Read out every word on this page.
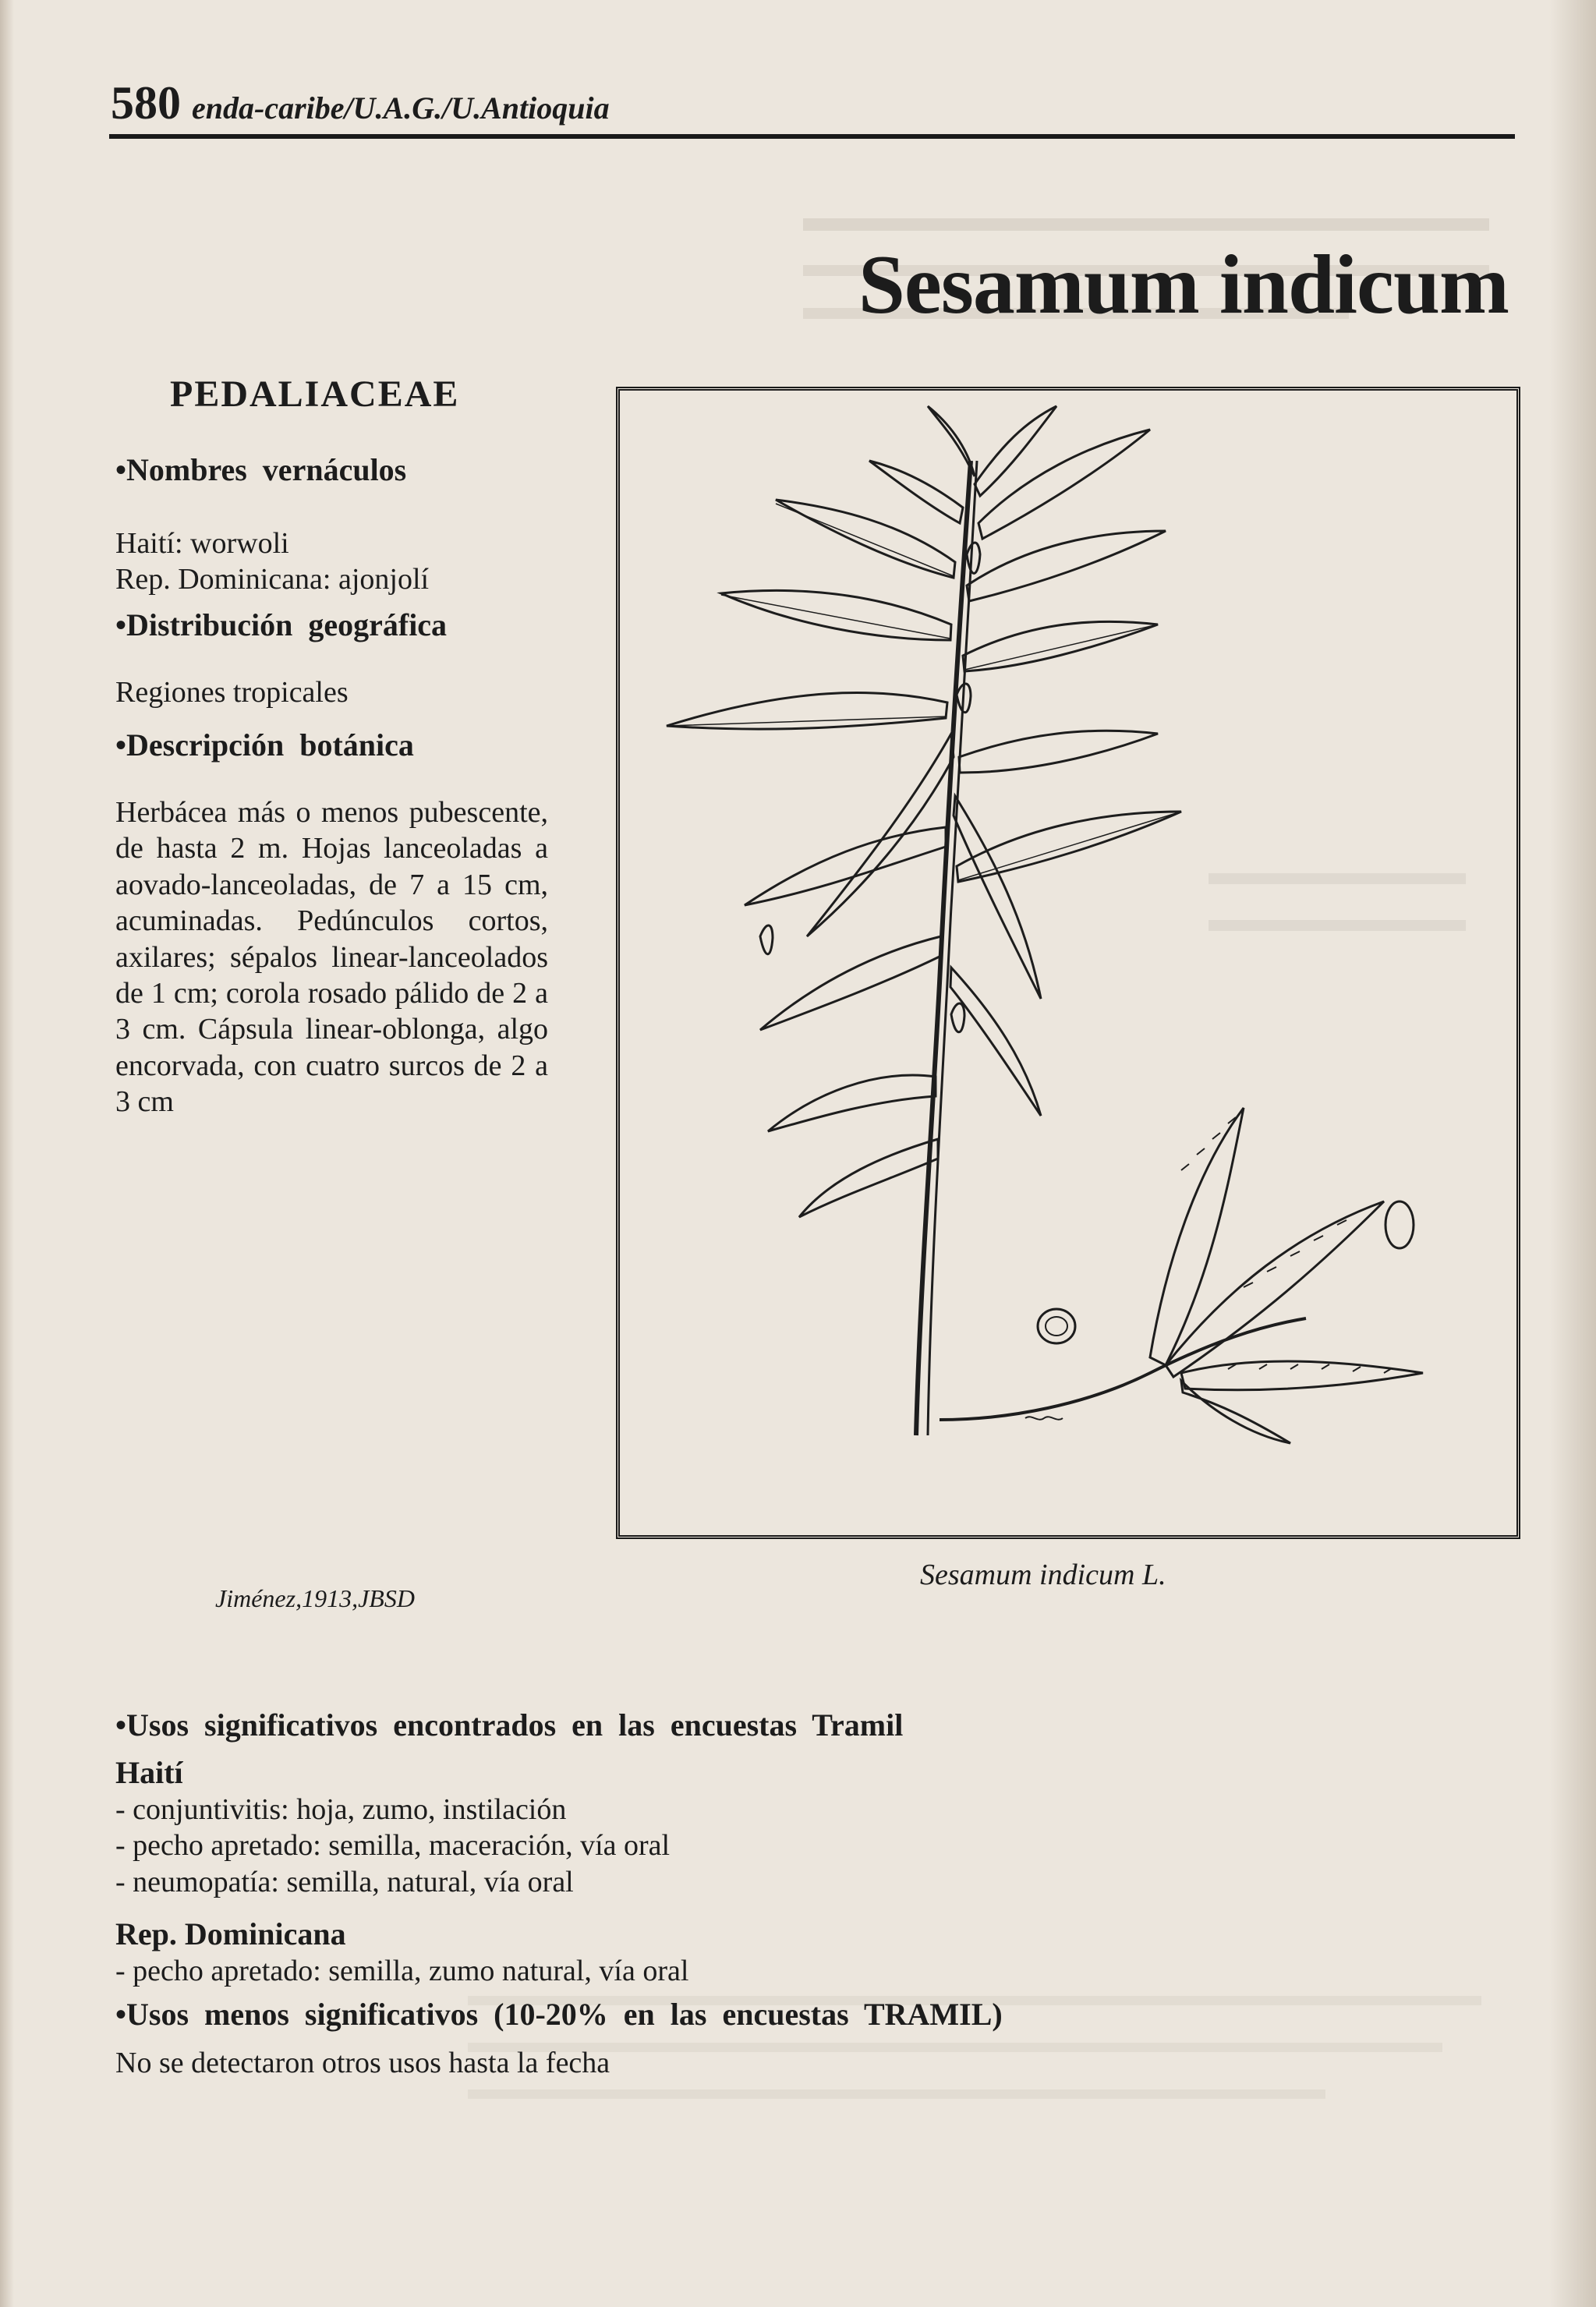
580 enda-caribe/U.A.G./U.Antioquia
Sesamum indicum
PEDALIACEAE

•Nombres vernáculos

Haití: worwoli

Rep. Dominicana: ajonjolí

•Distribución geográfica

Regiones tropicales

•Descripción botánica

Herbácea más o menos pubescente, de hasta 2 m. Hojas lanceoladas a aovado-lanceoladas, de 7 a 15 cm, acuminadas. Pedúnculos cortos, axilares; sépalos linear-lanceolados de 1 cm; corola rosado pálido de 2 a 3 cm. Cápsula linear-oblonga, algo encorvada, con cuatro surcos de 2 a 3 cm

Sesamum indicum L.
Jiménez,1913,JBSD

•Usos significativos encontrados en las encuestas Tramil

Haití

- conjuntivitis: hoja, zumo, instilación
- pecho apretado: semilla, maceración, vía oral
- neumopatía: semilla, natural, vía oral

Rep. Dominicana

- pecho apretado: semilla, zumo natural, vía oral

•Usos menos significativos (10-20% en las encuestas TRAMIL)

No se detectaron otros usos hasta la fecha
